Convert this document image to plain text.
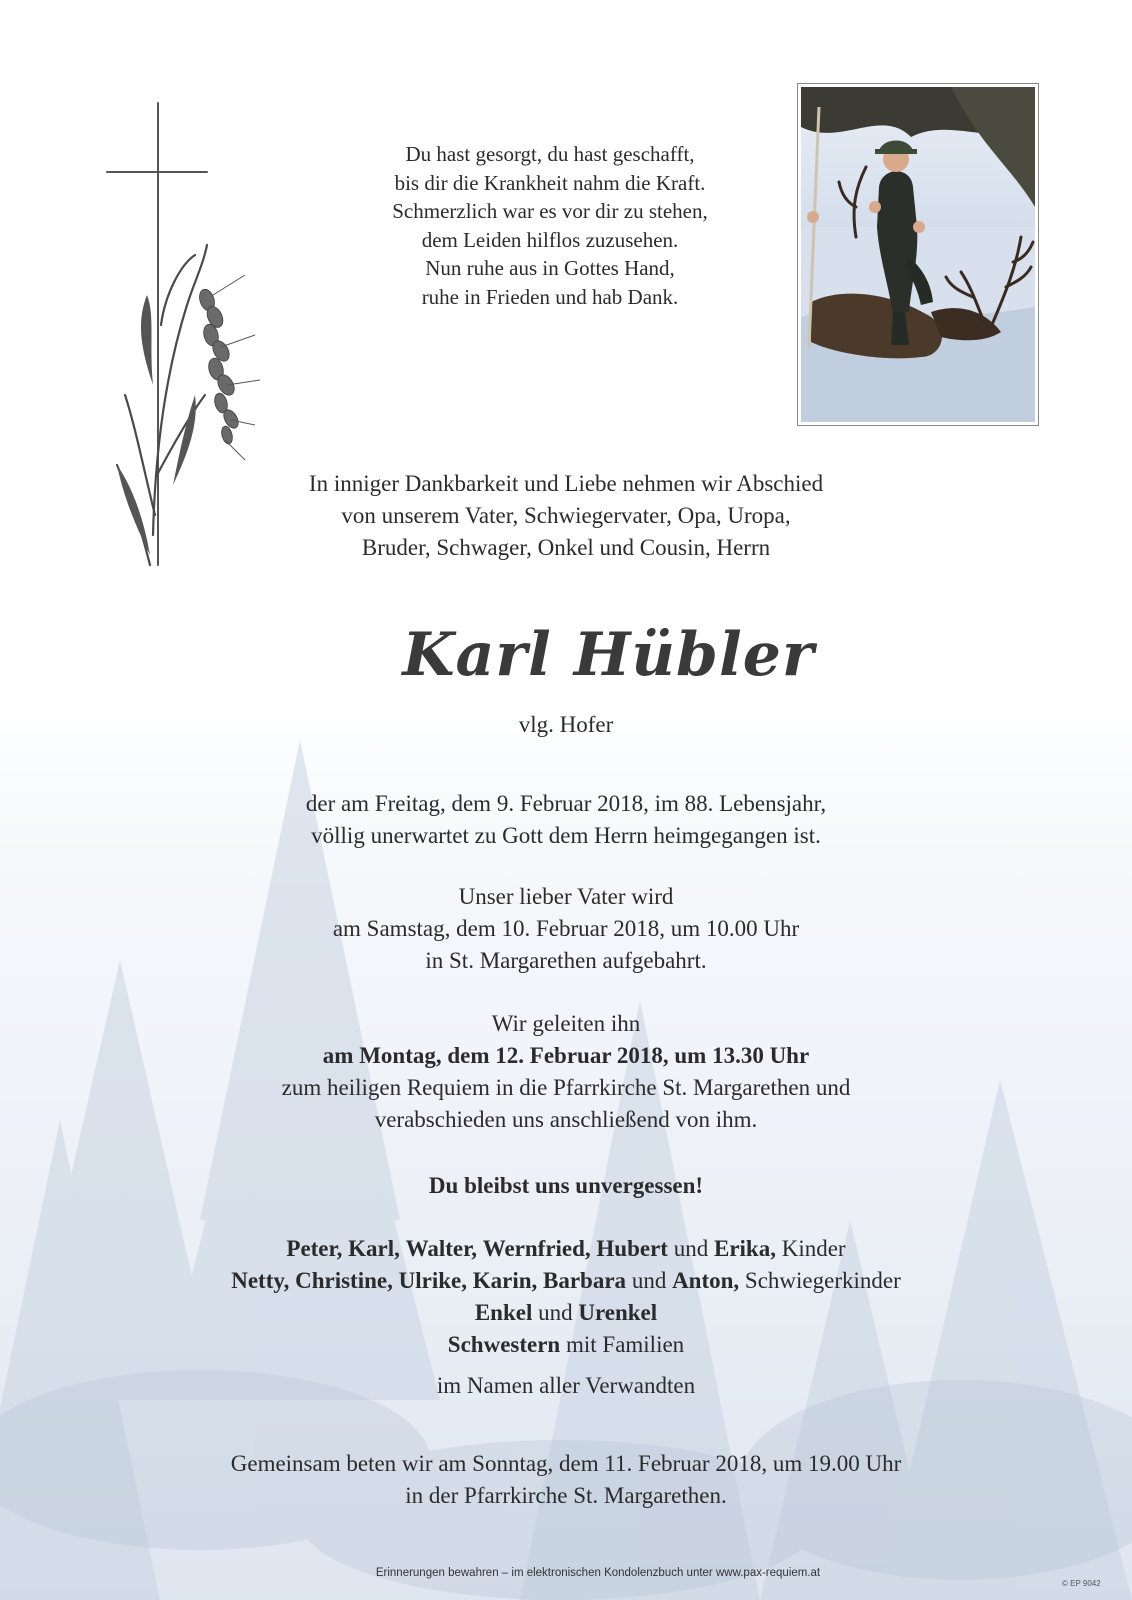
Du hast gesorgt, du hast geschafft,
bis dir die Krankheit nahm die Kraft.
Schmerzlich war es vor dir zu stehen,
dem Leiden hilflos zuzusehen.
Nun ruhe aus in Gottes Hand,
ruhe in Frieden und hab Dank.
In inniger Dankbarkeit und Liebe nehmen wir Abschied
von unserem Vater, Schwiegervater, Opa, Uropa,
Bruder, Schwager, Onkel und Cousin, Herrn
Karl Hübler
vlg. Hofer
der am Freitag, dem 9. Februar 2018, im 88. Lebensjahr,
völlig unerwartet zu Gott dem Herrn heimgegangen ist.
Unser lieber Vater wird
am Samstag, dem 10. Februar 2018, um 10.00 Uhr
in St. Margarethen aufgebahrt.
Wir geleiten ihn
am Montag, dem 12. Februar 2018, um 13.30 Uhr
zum heiligen Requiem in die Pfarrkirche St. Margarethen und
verabschieden uns anschließend von ihm.
Du bleibst uns unvergessen!
Peter, Karl, Walter, Wernfried, Hubert und Erika, Kinder
Netty, Christine, Ulrike, Karin, Barbara und Anton, Schwiegerkinder
Enkel und Urenkel
Schwestern mit Familien
im Namen aller Verwandten
Gemeinsam beten wir am Sonntag, dem 11. Februar 2018, um 19.00 Uhr
in der Pfarrkirche St. Margarethen.
Erinnerungen bewahren – im elektronischen Kondolenzbuch unter www.pax-requiem.at
© EP 9042
